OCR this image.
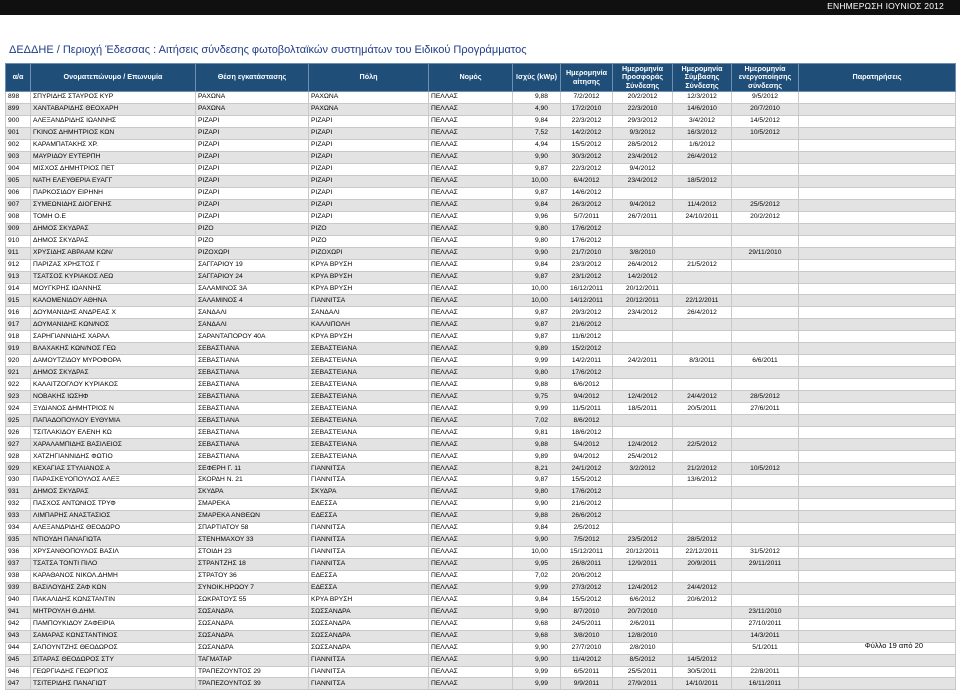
ΕΝΗΜΕΡΩΣΗ ΙΟΥΝΙΟΣ 2012
ΔΕΔΔΗΕ / Περιοχή Έδεσσας : Αιτήσεις σύνδεσης φωτοβολταϊκών συστημάτων του Ειδικού Προγράμματος
α/α	Ονοματεπώνυμο / Επωνυμία	Θέση εγκατάστασης	Πόλη	Νομός	Ισχύς (kWp)	Ημερομηνία αίτησης	Ημερομηνία Προσφοράς Σύνδεσης	Ημερομηνία Σύμβασης Σύνδεσης	Ημερομηνία ενεργοποίησης σύνδεσης	Παρατηρήσεις
898	ΣΠΥΡΙΔΗΣ ΣΤΑΥΡΟΣ ΚΥΡ	ΡΑΧΩΝΑ	ΡΑΧΩΝΑ	ΠΕΛΛΑΣ	9,88	7/2/2012	20/2/2012	12/3/2012	9/5/2012	
899	ΧΑΝΤΑΒΑΡΙΔΗΣ ΘΕΟΧΑΡΗ	ΡΑΧΩΝΑ	ΡΑΧΩΝΑ	ΠΕΛΛΑΣ	4,90	17/2/2010	22/3/2010	14/6/2010	20/7/2010	
900	ΑΛΕΞΑΝΔΡΙΔΗΣ ΙΩΑΝΝΗΣ	ΡΙΖΑΡΙ	ΡΙΖΑΡΙ	ΠΕΛΛΑΣ	9,84	22/3/2012	29/3/2012	3/4/2012	14/5/2012	
901	ΓΚΙΝΟΣ ΔΗΜΗΤΡΙΟΣ ΚΩΝ	ΡΙΖΑΡΙ	ΡΙΖΑΡΙ	ΠΕΛΛΑΣ	7,52	14/2/2012	9/3/2012	16/3/2012	10/5/2012	
902	ΚΑΡΑΜΠΑΤΑΚΗΣ ΧΡ.	ΡΙΖΑΡΙ	ΡΙΖΑΡΙ	ΠΕΛΛΑΣ	4,94	15/5/2012	28/5/2012	1/6/2012		
903	ΜΑΥΡΙΔΟΥ ΕΥΤΕΡΠΗ	ΡΙΖΑΡΙ	ΡΙΖΑΡΙ	ΠΕΛΛΑΣ	9,90	30/3/2012	23/4/2012	26/4/2012		
904	ΜΙΣΧΟΣ ΔΗΜΗΤΡΙΟΣ ΠΕΤ	ΡΙΖΑΡΙ	ΡΙΖΑΡΙ	ΠΕΛΛΑΣ	9,87	22/3/2012	9/4/2012			
905	ΝΑΤΗ ΕΛΕΥΘΕΡΙΑ ΕΥΑΓΓ	ΡΙΖΑΡΙ	ΡΙΖΑΡΙ	ΠΕΛΛΑΣ	10,00	6/4/2012	23/4/2012	18/5/2012		
906	ΠΑΡΚΟΣΙΔΟΥ ΕΙΡΗΝΗ	ΡΙΖΑΡΙ	ΡΙΖΑΡΙ	ΠΕΛΛΑΣ	9,87	14/6/2012				
907	ΣΥΜΕΩΝΙΔΗΣ ΔΙΟΓΕΝΗΣ	ΡΙΖΑΡΙ	ΡΙΖΑΡΙ	ΠΕΛΛΑΣ	9,84	26/3/2012	9/4/2012	11/4/2012	25/5/2012	
908	ΤΟΜΗ Ο.Ε	ΡΙΖΑΡΙ	ΡΙΖΑΡΙ	ΠΕΛΛΑΣ	9,96	5/7/2011	26/7/2011	24/10/2011	20/2/2012	
909	ΔΗΜΟΣ ΣΚΥΔΡΑΣ	ΡΙΖΟ	ΡΙΖΟ	ΠΕΛΛΑΣ	9,80	17/6/2012				
910	ΔΗΜΟΣ ΣΚΥΔΡΑΣ	ΡΙΖΟ	ΡΙΖΟ	ΠΕΛΛΑΣ	9,80	17/6/2012				
911	ΧΡΥΣΙΔΗΣ ΑΒΡΑΑΜ ΚΩΝ/	ΡΙΖΟΧΩΡΙ	ΡΙΖΟΧΩΡΙ	ΠΕΛΛΑΣ	9,90	21/7/2010	3/8/2010		29/11/2010	
912	ΠΑΡΙΖΑΣ ΧΡΗΣΤΟΣ Γ	ΣΑΓΓΑΡΙΟΥ 19	ΚΡΥΑ ΒΡΥΣΗ	ΠΕΛΛΑΣ	9,84	23/3/2012	26/4/2012	21/5/2012		
913	ΤΣΑΤΣΟΣ ΚΥΡΙΑΚΟΣ ΛΕΩ	ΣΑΓΓΑΡΙΟΥ 24	ΚΡΥΑ ΒΡΥΣΗ	ΠΕΛΛΑΣ	9,87	23/1/2012	14/2/2012			
914	ΜΟΥΓΚΡΗΣ ΙΩΑΝΝΗΣ	ΣΑΛΑΜΙΝΟΣ 3Α	ΚΡΥΑ ΒΡΥΣΗ	ΠΕΛΛΑΣ	10,00	16/12/2011	20/12/2011			
915	ΚΑΛΟΜΕΝΙΔΟΥ ΑΘΗΝΑ	ΣΑΛΑΜΙΝΟΣ 4	ΓΙΑΝΝΙΤΣΑ	ΠΕΛΛΑΣ	10,00	14/12/2011	20/12/2011	22/12/2011		
916	ΔΟΥΜΑΝΙΔΗΣ ΑΝΔΡΕΑΣ Χ	ΣΑΝΔΑΛΙ	ΣΑΝΔΑΛΙ	ΠΕΛΛΑΣ	9,87	29/3/2012	23/4/2012	26/4/2012		
917	ΔΟΥΜΑΝΙΔΗΣ ΚΩΝ/ΝΟΣ	ΣΑΝΔΑΛΙ	ΚΑΛΛΙΠΟΛΗ	ΠΕΛΛΑΣ	9,87	21/6/2012				
918	ΣΑΡΗΓΙΑΝΝΙΔΗΣ ΧΑΡΑΛ	ΣΑΡΑΝΤΑΠΟΡΟΥ 40Α	ΚΡΥΑ ΒΡΥΣΗ	ΠΕΛΛΑΣ	9,87	11/6/2012				
919	ΒΛΑΧΑΚΗΣ ΚΩΝ/ΝΟΣ ΓΕΩ	ΣΕΒΑΣΤΙΑΝΑ	ΣΕΒΑΣΤΕΙΑΝΑ	ΠΕΛΛΑΣ	9,89	15/2/2012				
920	ΔΑΜΟΥΤΖΙΔΟΥ ΜΥΡΟΦΟΡΑ	ΣΕΒΑΣΤΙΑΝΑ	ΣΕΒΑΣΤΕΙΑΝΑ	ΠΕΛΛΑΣ	9,99	14/2/2011	24/2/2011	8/3/2011	6/6/2011	
921	ΔΗΜΟΣ ΣΚΥΔΡΑΣ	ΣΕΒΑΣΤΙΑΝΑ	ΣΕΒΑΣΤΕΙΑΝΑ	ΠΕΛΛΑΣ	9,80	17/6/2012				
922	ΚΑΛΑΙΤΖΟΓΛΟΥ ΚΥΡΙΑΚΟΣ	ΣΕΒΑΣΤΙΑΝΑ	ΣΕΒΑΣΤΕΙΑΝΑ	ΠΕΛΛΑΣ	9,88	6/6/2012				
923	ΝΟΒΑΚΗΣ ΙΩΣΗΦ	ΣΕΒΑΣΤΙΑΝΑ	ΣΕΒΑΣΤΕΙΑΝΑ	ΠΕΛΛΑΣ	9,75	9/4/2012	12/4/2012	24/4/2012	28/5/2012	
924	ΞΥΔΙΑΝΟΣ ΔΗΜΗΤΡΙΟΣ Ν	ΣΕΒΑΣΤΙΑΝΑ	ΣΕΒΑΣΤΕΙΑΝΑ	ΠΕΛΛΑΣ	9,99	11/5/2011	18/5/2011	20/5/2011	27/6/2011	
925	ΠΑΠΑΔΟΠΟΥΛΟΥ ΕΥΘΥΜΙΑ	ΣΕΒΑΣΤΙΑΝΑ	ΣΕΒΑΣΤΕΙΑΝΑ	ΠΕΛΛΑΣ	7,02	8/6/2012				
926	ΤΣΙΤΛΑΚΙΔΟΥ ΕΛΕΝΗ ΚΩ	ΣΕΒΑΣΤΙΑΝΑ	ΣΕΒΑΣΤΕΙΑΝΑ	ΠΕΛΛΑΣ	9,81	18/6/2012				
927	ΧΑΡΑΛΑΜΠΙΔΗΣ ΒΑΣΙΛΕΙΟΣ	ΣΕΒΑΣΤΙΑΝΑ	ΣΕΒΑΣΤΕΙΑΝΑ	ΠΕΛΛΑΣ	9,88	5/4/2012	12/4/2012	22/5/2012		
928	ΧΑΤΖΗΓΙΑΝΝΙΔΗΣ ΦΩΤΙΟ	ΣΕΒΑΣΤΙΑΝΑ	ΣΕΒΑΣΤΕΙΑΝΑ	ΠΕΛΛΑΣ	9,89	9/4/2012	25/4/2012			
929	ΚΕΧΑΓΙΑΣ ΣΤΥΛΙΑΝΟΣ Α	ΣΕΦΕΡΗ Γ. 11	ΓΙΑΝΝΙΤΣΑ	ΠΕΛΛΑΣ	8,21	24/1/2012	3/2/2012	21/2/2012	10/5/2012	
930	ΠΑΡΑΣΚΕΥΟΠΟΥΛΟΣ ΑΛΕΞ	ΣΚΟΡΔΗ Ν. 21	ΓΙΑΝΝΙΤΣΑ	ΠΕΛΛΑΣ	9,87	15/5/2012		13/6/2012		
931	ΔΗΜΟΣ ΣΚΥΔΡΑΣ	ΣΚΥΔΡΑ	ΣΚΥΔΡΑ	ΠΕΛΛΑΣ	9,80	17/6/2012				
932	ΠΑΣΧΟΣ ΑΝΤΩΝΙΟΣ ΤΡΥΦ	ΣΜΑΡΕΚΑ	ΕΔΕΣΣΑ	ΠΕΛΛΑΣ	9,90	21/6/2012				
933	ΛΙΜΠΑΡΗΣ ΑΝΑΣΤΑΣΙΟΣ	ΣΜΑΡΕΚΑ ΑΝΘΕΩΝ	ΕΔΕΣΣΑ	ΠΕΛΛΑΣ	9,88	26/6/2012				
934	ΑΛΕΞΑΝΔΡΙΔΗΣ ΘΕΟΔΩΡΟ	ΣΠΑΡΤΙΑΤΟΥ 58	ΓΙΑΝΝΙΤΣΑ	ΠΕΛΛΑΣ	9,84	2/5/2012				
935	ΝΤΙΟΥΔΗ ΠΑΝΑΓΙΩΤΑ	ΣΤΕΝΗΜΑΧΟΥ 33	ΓΙΑΝΝΙΤΣΑ	ΠΕΛΛΑΣ	9,90	7/5/2012	23/5/2012	28/5/2012		
936	ΧΡΥΣΑΝΘΟΠΟΥΛΟΣ ΒΑΣΙΛ	ΣΤΟΙΔΗ 23	ΓΙΑΝΝΙΤΣΑ	ΠΕΛΛΑΣ	10,00	15/12/2011	20/12/2011	22/12/2011	31/5/2012	
937	ΤΣΑΤΣΑ ΤΟΝΤΙ ΠΙΛΟ	ΣΤΡΑΝΤΖΗΣ 18	ΓΙΑΝΝΙΤΣΑ	ΠΕΛΛΑΣ	9,95	26/8/2011	12/9/2011	20/9/2011	29/11/2011	
938	ΚΑΡΑΘΑΝΟΣ ΝΙΚΟΛ.ΔΗΜΗ	ΣΤΡΑΤΟΥ 36	ΕΔΕΣΣΑ	ΠΕΛΛΑΣ	7,02	20/6/2012				
939	ΒΑΣΙΛΟΥΔΗΣ ΖΑΦ ΚΩΝ	ΣΥΝΟΙΚ.ΗΡΩΟΥ 7	ΕΔΕΣΣΑ	ΠΕΛΛΑΣ	9,99	27/3/2012	12/4/2012	24/4/2012		
940	ΠΑΚΑΛΙΔΗΣ ΚΩΝΣΤΑΝΤΙΝ	ΣΩΚΡΑΤΟΥΣ 55	ΚΡΥΑ ΒΡΥΣΗ	ΠΕΛΛΑΣ	9,84	15/5/2012	6/6/2012	20/6/2012		
941	ΜΗΤΡΟΥΛΗ Θ.ΔΗΜ.	ΣΩΣΑΝΔΡΑ	ΣΩΣΣΑΝΔΡΑ	ΠΕΛΛΑΣ	9,90	8/7/2010	20/7/2010		23/11/2010	
942	ΠΑΜΠΟΥΚΙΔΟΥ ΖΑΦΕΙΡΙΑ	ΣΩΣΑΝΔΡΑ	ΣΩΣΣΑΝΔΡΑ	ΠΕΛΛΑΣ	9,68	24/5/2011	2/6/2011		27/10/2011	
943	ΣΑΜΑΡΑΣ ΚΩΝΣΤΑΝΤΙΝΟΣ	ΣΩΣΑΝΔΡΑ	ΣΩΣΣΑΝΔΡΑ	ΠΕΛΛΑΣ	9,68	3/8/2010	12/8/2010		14/3/2011	
944	ΣΑΠΟΥΝΤΖΗΣ ΘΕΟΔΩΡΟΣ	ΣΩΣΑΝΔΡΑ	ΣΩΣΣΑΝΔΡΑ	ΠΕΛΛΑΣ	9,90	27/7/2010	2/8/2010		5/1/2011	
945	ΣΙΤΑΡΑΣ ΘΕΟΔΩΡΟΣ ΣΤΥ	ΤΑΓΜΑΤΑΡ	ΓΙΑΝΝΙΤΣΑ	ΠΕΛΛΑΣ	9,90	11/4/2012	8/5/2012	14/5/2012		
946	ΓΕΩΡΓΙΑΔΗΣ ΓΕΩΡΓΙΟΣ	ΤΡΑΠΕΖΟΥΝΤΟΣ 29	ΓΙΑΝΝΙΤΣΑ	ΠΕΛΛΑΣ	9,99	6/5/2011	25/5/2011	30/5/2011	22/8/2011	
947	ΤΣΙΤΕΡΙΔΗΣ ΠΑΝΑΓΙΩΤ	ΤΡΑΠΕΖΟΥΝΤΟΣ 39	ΓΙΑΝΝΙΤΣΑ	ΠΕΛΛΑΣ	9,99	9/9/2011	27/9/2011	14/10/2011	16/11/2011	
Φύλλο 19 από 20
